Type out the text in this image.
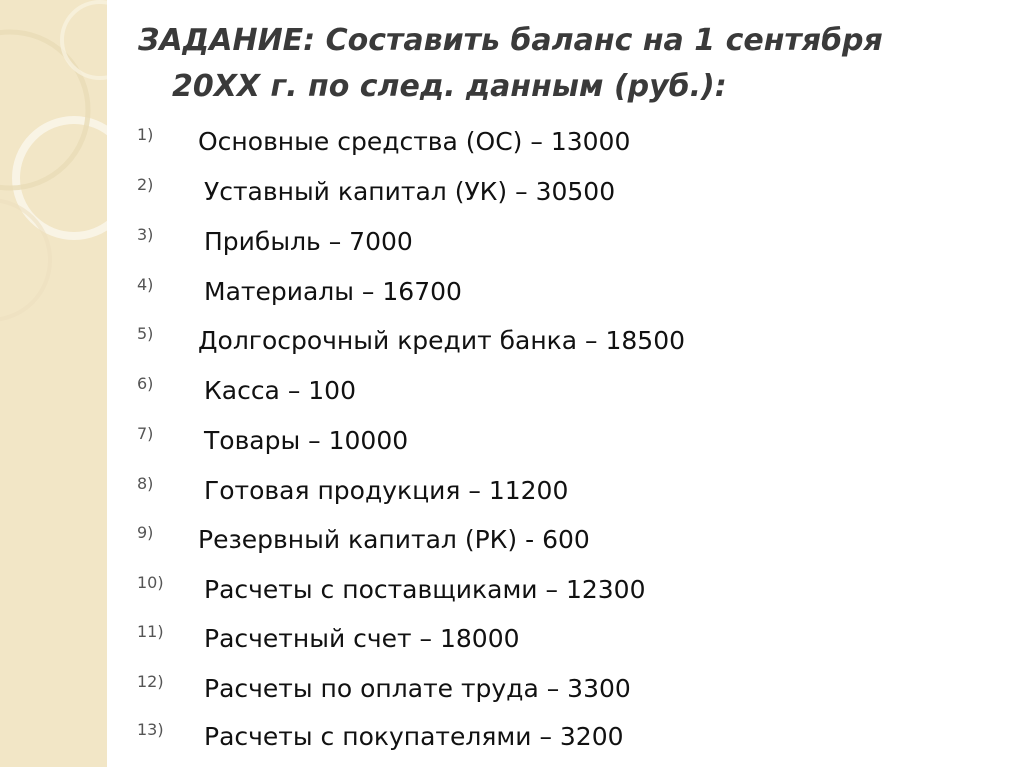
ЗАДАНИЕ: Составить баланс на 1 сентября
20XX г. по след. данным (руб.):
1) Основные средства (ОС) – 13000
2) Уставный капитал (УК) – 30500
3) Прибыль – 7000
4) Материалы – 16700
5) Долгосрочный кредит банка – 18500
6) Касса – 100
7) Товары – 10000
8) Готовая продукция – 11200
9) Резервный капитал (РК) - 600
10) Расчеты с поставщиками – 12300
11) Расчетный счет – 18000
12) Расчеты по оплате труда – 3300
13) Расчеты с покупателями – 3200
